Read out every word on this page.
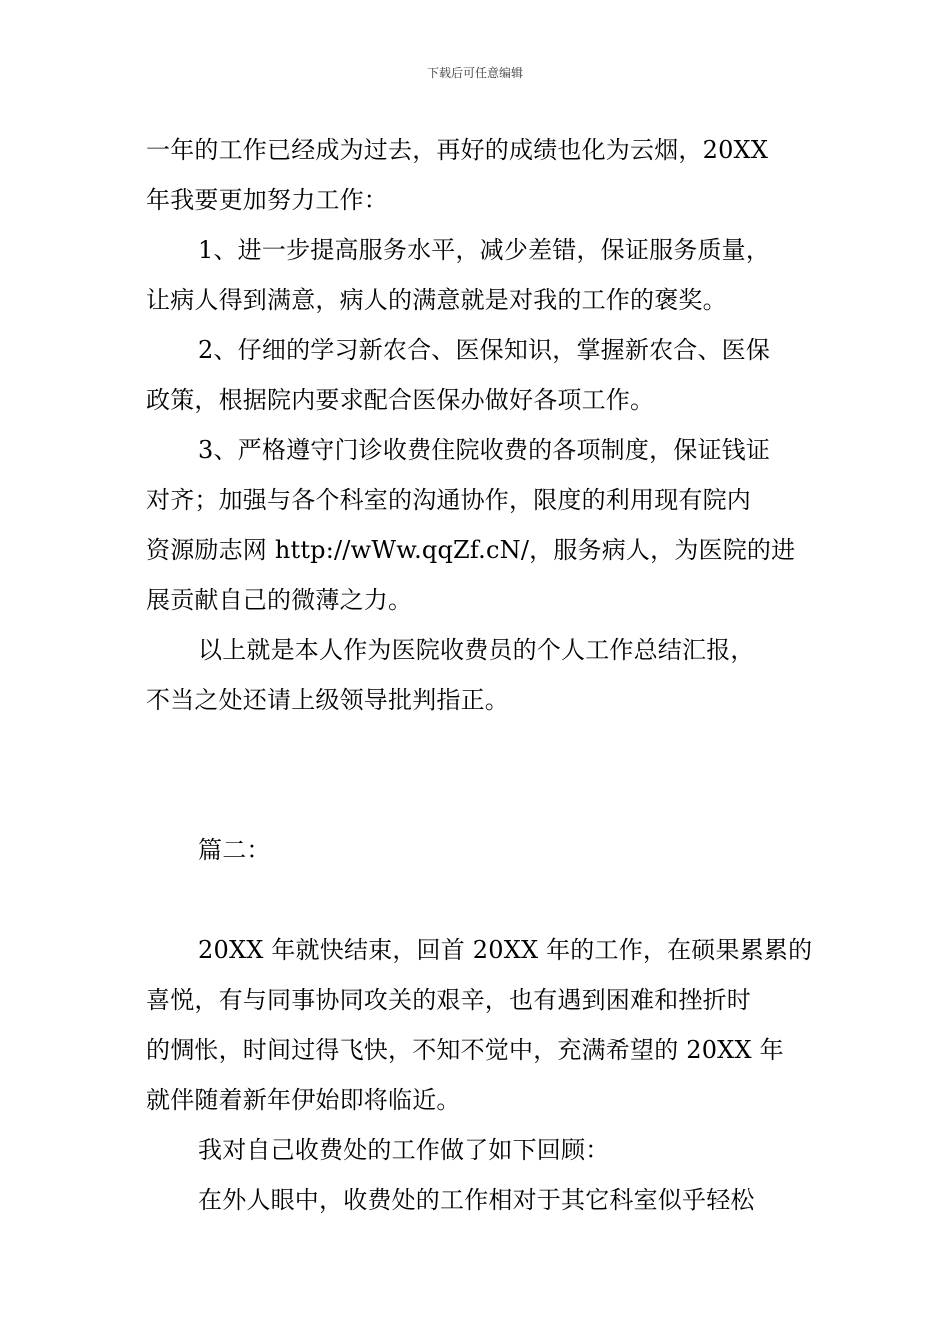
下载后可任意编辑
一年的工作已经成为过去，再好的成绩也化为云烟，20XX
年我要更加努力工作：
1、进一步提高服务水平，减少差错，保证服务质量，
让病人得到满意，病人的满意就是对我的工作的褒奖。
2、仔细的学习新农合、医保知识，掌握新农合、医保
政策，根据院内要求配合医保办做好各项工作。
3、严格遵守门诊收费住院收费的各项制度，保证钱证
对齐；加强与各个科室的沟通协作，限度的利用现有院内
资源励志网 http://wWw.qqZf.cN/，服务病人，为医院的进
展贡献自己的微薄之力。
以上就是本人作为医院收费员的个人工作总结汇报，
不当之处还请上级领导批判指正。
篇二：
20XX 年就快结束，回首 20XX 年的工作，在硕果累累的
喜悦，有与同事协同攻关的艰辛，也有遇到困难和挫折时
的惆怅，时间过得飞快，不知不觉中，充满希望的 20XX 年
就伴随着新年伊始即将临近。
我对自己收费处的工作做了如下回顾：
在外人眼中，收费处的工作相对于其它科室似乎轻松
